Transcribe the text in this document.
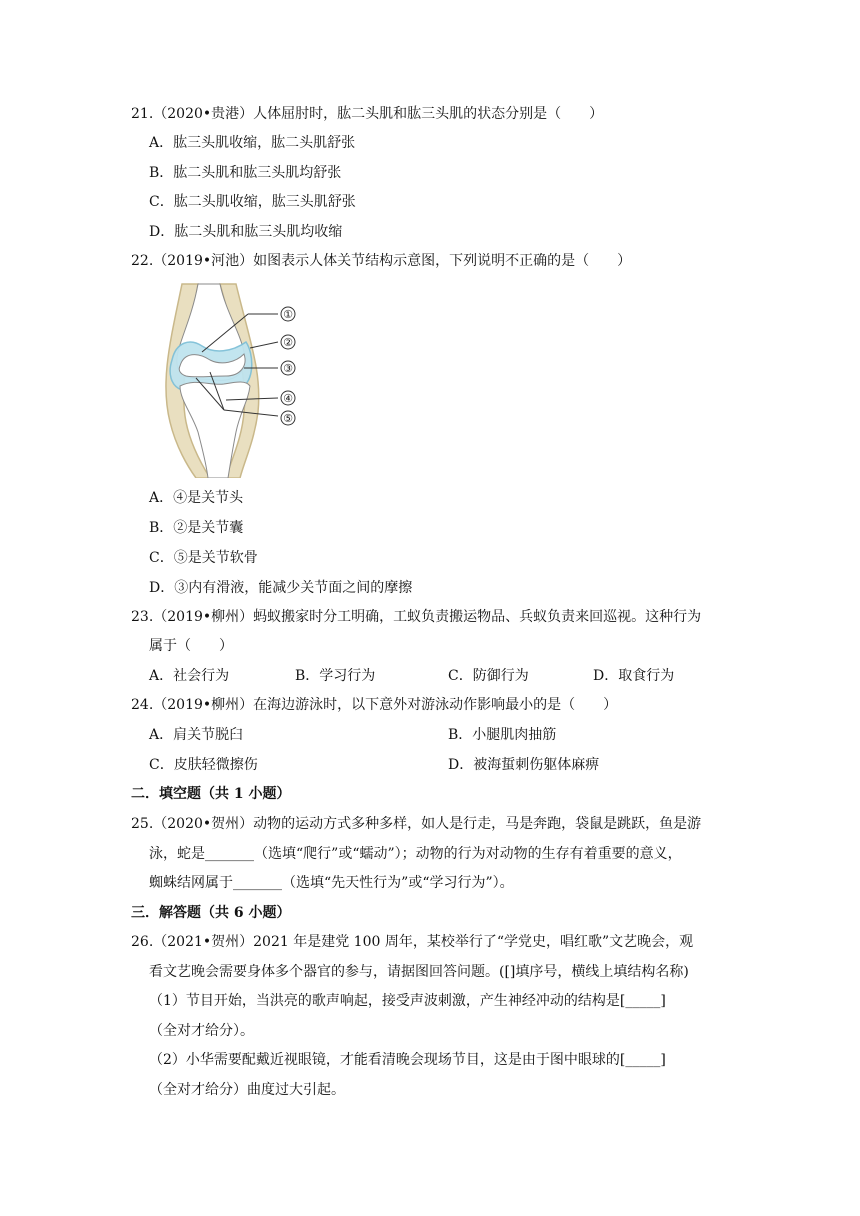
21.（2020•贵港）人体屈肘时，肱二头肌和肱三头肌的状态分别是（　　）
A．肱三头肌收缩，肱二头肌舒张
B．肱二头肌和肱三头肌均舒张
C．肱二头肌收缩，肱三头肌舒张
D．肱二头肌和肱三头肌均收缩
22.（2019•河池）如图表示人体关节结构示意图，下列说明不正确的是（　　）
①
②
③
④
⑤
A．④是关节头
B．②是关节囊
C．⑤是关节软骨
D．③内有滑液，能减少关节面之间的摩擦
23.（2019•柳州）蚂蚁搬家时分工明确，工蚁负责搬运物品、兵蚁负责来回巡视。这种行为
属于（　　）
A．社会行为	B．学习行为	C．防御行为	D．取食行为
24.（2019•柳州）在海边游泳时，以下意外对游泳动作影响最小的是（　　）
A．肩关节脱臼	B．小腿肌肉抽筋
C．皮肤轻微擦伤	D．被海蜇刺伤躯体麻痹
二．填空题（共 1 小题）
25.（2020•贺州）动物的运动方式多种多样，如人是行走，马是奔跑，袋鼠是跳跃，鱼是游
泳，蛇是_______（选填“爬行”或“蠕动”）；动物的行为对动物的生存有着重要的意义，
蜘蛛结网属于_______（选填“先天性行为”或“学习行为”）。
三．解答题（共 6 小题）
26.（2021•贺州）2021 年是建党 100 周年，某校举行了“学党史，唱红歌”文艺晚会，观
看文艺晚会需要身体多个器官的参与，请据图回答问题。([]填序号，横线上填结构名称)
（1）节目开始，当洪亮的歌声响起，接受声波刺激，产生神经冲动的结构是[_____]
（全对才给分）。
（2）小华需要配戴近视眼镜，才能看清晚会现场节目，这是由于图中眼球的[_____]
（全对才给分）曲度过大引起。
